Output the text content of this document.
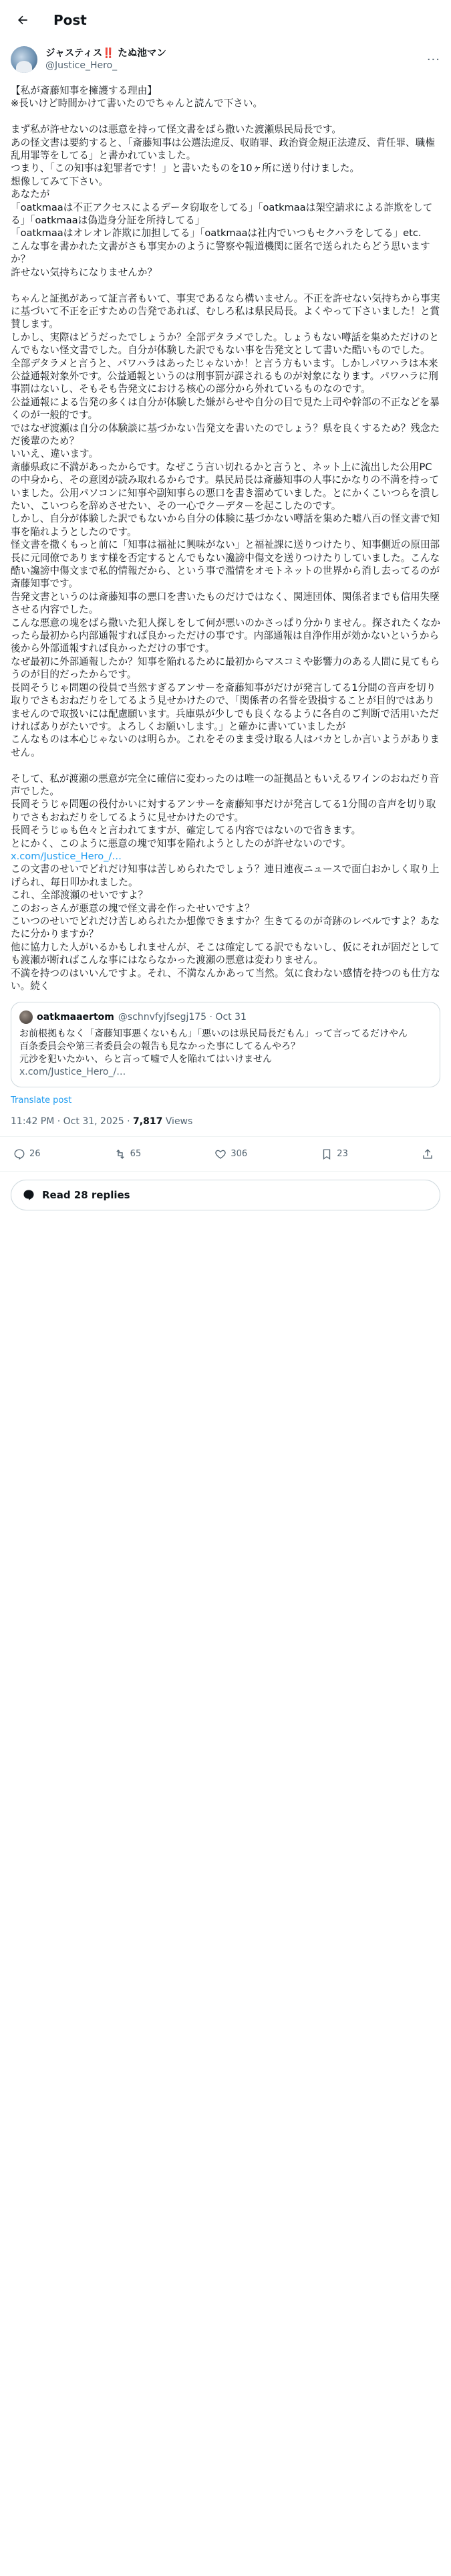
Post
ジャスティス‼️ たぬ池マン
@Justice_Hero_	···
【私が斎藤知事を擁護する理由】
※長いけど時間かけて書いたのでちゃんと読んで下さい。

まず私が許せないのは悪意を持って怪文書をばら撒いた渡瀬県民局長です。
あの怪文書は要約すると、「斎藤知事は公選法違反、収賄罪、政治資金規正法違反、背任罪、職権乱用罪等をしてる」と書かれていました。
つまり、「この知事は犯罪者です！」と書いたものを10ヶ所に送り付けました。
想像してみて下さい。
あなたが
「oatkmaaは不正アクセスによるデータ窃取をしてる」「oatkmaaは架空請求による詐欺をしてる」「oatkmaaは偽造身分証を所持してる」
「oatkmaaはオレオレ詐欺に加担してる」「oatkmaaは社内でいつもセクハラをしてる」etc.
こんな事を書かれた文書がさも事実かのように警察や報道機関に匿名で送られたらどう思いますか？
許せない気持ちになりませんか？

ちゃんと証拠があって証言者もいて、事実であるなら構いません。不正を許せない気持ちから事実に基づいて不正を正すための告発であれば、むしろ私は県民局長。よくやって下さいました！と賞賛します。
しかし、実際はどうだったでしょうか？全部デタラメでした。しょうもない噂話を集めただけのとんでもない怪文書でした。自分が体験した訳でもない事を告発文として書いた酷いものでした。
全部デタラメと言うと、パワハラはあったじゃないか！と言う方もいます。しかしパワハラは本来公益通報対象外です。公益通報というのは刑事罰が課されるものが対象になります。パワハラに刑事罰はないし、そもそも告発文における核心の部分から外れているものなのです。
公益通報による告発の多くは自分が体験した嫌がらせや自分の目で見た上司や幹部の不正などを暴くのが一般的です。
ではなぜ渡瀬は自分の体験談に基づかない告発文を書いたのでしょう？県を良くするため？残念ただ後輩のため？
いいえ、違います。
斎藤県政に不満があったからです。なぜこう言い切れるかと言うと、ネット上に流出した公用PCの中身から、その意図が読み取れるからです。県民局長は斎藤知事の人事にかなりの不満を持っていました。公用パソコンに知事や副知事らの悪口を書き溜めていました。とにかくこいつらを潰したい、こいつらを辞めさせたい、その一心でクーデターを起こしたのです。
しかし、自分が体験した訳でもないから自分の体験に基づかない噂話を集めた嘘八百の怪文書で知事を陥れようとしたのです。
怪文書を撒くもっと前に「知事は福祉に興味がない」と福祉課に送りつけたり、知事側近の原田部長に元同僚であります様を否定するとんでもない讒謗中傷文を送りつけたりしていました。こんな酷い讒謗中傷文まで私的情報だから、という事で濫情をオモトネットの世界から消し去ってるのが斎藤知事です。
告発文書というのは斎藤知事の悪口を書いたものだけではなく、関連団体、関係者までも信用失墜させる内容でした。
こんな悪意の塊をばら撒いた犯人探しをして何が悪いのかさっぱり分かりません。探されたくなかったら最初から内部通報すれば良かっただけの事です。内部通報は自浄作用が効かないというから後から外部通報すれば良かっただけの事です。
なぜ最初に外部通報したか？知事を陥れるために最初からマスコミや影響力のある人間に見てもらうのが目的だったからです。
長岡そうじゃ問題の役員で当然すぎるアンサーを斎藤知事がだけが発言してる1分間の音声を切り取りでさもおねだりをしてるよう見せかけたので、「関係者の名誉を毀損することが目的ではありませんので取扱いには配慮願います。兵庫県が少しでも良くなるように各自のご判断で活用いただければありがたいです。よろしくお願いします。」と確かに書いていましたが
こんなものは本心じゃないのは明らか。これをそのまま受け取る人はバカとしか言いようがありません。

そして、私が渡瀬の悪意が完全に確信に変わったのは唯一の証拠品ともいえるワインのおねだり音声でした。
長岡そうじゃ問題の役付かいに対するアンサーを斎藤知事だけが発言してる1分間の音声を切り取りでさもおねだりをしてるように見せかけたのです。
長岡そうじゅも色々と言われてますが、確定してる内容ではないので省きます。
とにかく、このように悪意の塊で知事を陥れようとしたのが許せないのです。
x.com/Justice_Hero_/…
この文書のせいでどれだけ知事は苦しめられたでしょう？連日連夜ニュースで面白おかしく取り上げられ、毎日叩かれました。
これ、全部渡瀬のせいですよ？
このおっさんが悪意の塊で怪文書を作ったせいですよ？
こいつのせいでどれだけ苦しめられたか想像できますか？生きてるのが奇跡のレベルですよ？あなたに分かりますか？
他に協力した人がいるかもしれませんが、そこは確定してる訳でもないし、仮にそれが固だとしても渡瀬が断ればこんな事にはならなかった渡瀬の悪意は変わりません。
不満を持つのはいいんですよ。それ、不満なんかあって当然。気に食わない感情を持つのも仕方ない。続く

oatkmaaertom @schnvfyjfsegj175 · Oct 31
お前根拠もなく「斎藤知事悪くないもん」「悪いのは県民局長だもん」って言ってるだけやん
百条委員会や第三者委員会の報告も見なかった事にしてるんやろ？
元沙を犯いたかい、らと言って嘘で人を陥れてはいけません
x.com/Justice_Hero_/…
Translate post
11:42 PM · Oct 31, 2025 · 7,817 Views
26	65	306	23
Read 28 replies
